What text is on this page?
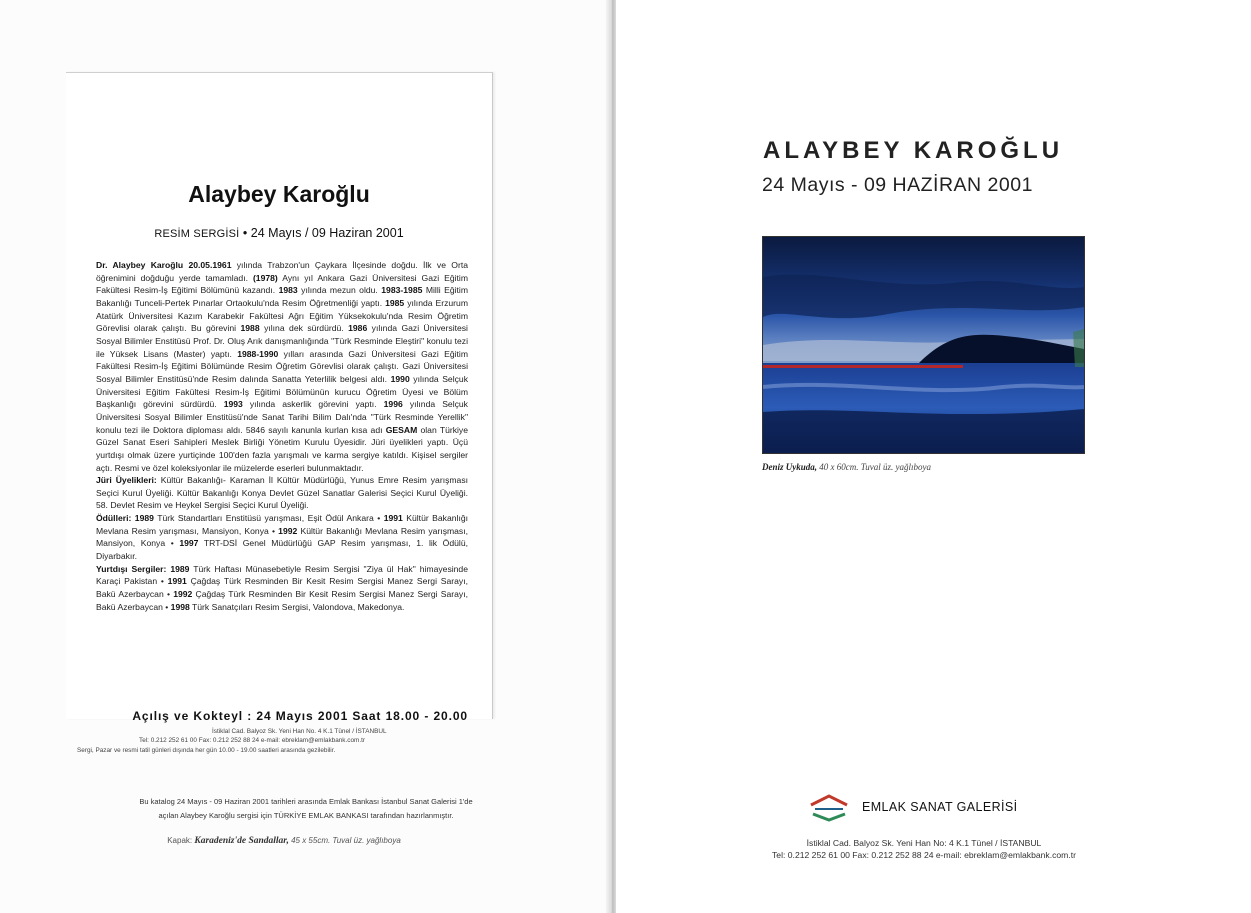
Alaybey Karoğlu

RESİM SERGİSİ • 24 Mayıs / 09 Haziran 2001

Dr. Alaybey Karoğlu 20.05.1961 yılında Trabzon'un Çaykara İlçesinde doğdu. İlk ve Orta öğrenimini doğduğu yerde tamamladı. (1978) Aynı yıl Ankara Gazi Üniversitesi Gazi Eğitim Fakültesi Resim-İş Eğitimi Bölümünü kazandı. 1983 yılında mezun oldu. 1983-1985 Milli Eğitim Bakanlığı Tunceli-Pertek Pınarlar Ortaokulu'nda Resim Öğretmenliği yaptı. 1985 yılında Erzurum Atatürk Üniversitesi Kazım Karabekir Fakültesi Ağrı Eğitim Yüksekokulu'nda Resim Öğretim Görevlisi olarak çalıştı. Bu görevini 1988 yılına dek sürdürdü. 1986 yılında Gazi Üniversitesi Sosyal Bilimler Enstitüsü Prof. Dr. Oluş Arık danışmanlığında "Türk Resminde Eleştiri" konulu tezi ile Yüksek Lisans (Master) yaptı. 1988-1990 yılları arasında Gazi Üniversitesi Gazi Eğitim Fakültesi Resim-İş Eğitimi Bölümünde Resim Öğretim Görevlisi olarak çalıştı. Gazi Üniversitesi Sosyal Bilimler Enstitüsü'nde Resim dalında Sanatta Yeterlilik belgesi aldı. 1990 yılında Selçuk Üniversitesi Eğitim Fakültesi Resim-İş Eğitimi Bölümünün kurucu Öğretim Üyesi ve Bölüm Başkanlığı görevini sürdürdü. 1993 yılında askerlik görevini yaptı. 1996 yılında Selçuk Üniversitesi Sosyal Bilimler Enstitüsü'nde Sanat Tarihi Bilim Dalı'nda "Türk Resminde Yerellik" konulu tezi ile Doktora diploması aldı. 5846 sayılı kanunla kurlan kısa adı GESAM olan Türkiye Güzel Sanat Eseri Sahipleri Meslek Birliği Yönetim Kurulu Üyesidir. Jüri üyelikleri yaptı. Üçü yurtdışı olmak üzere yurtiçinde 100'den fazla yarışmalı ve karma sergiye katıldı. Kişisel sergiler açtı. Resmi ve özel koleksiyonlar ile müzelerde eserleri bulunmaktadır.
Jüri Üyelikleri: Kültür Bakanlığı- Karaman İl Kültür Müdürlüğü, Yunus Emre Resim yarışması Seçici Kurul Üyeliği. Kültür Bakanlığı Konya Devlet Güzel Sanatlar Galerisi Seçici Kurul Üyeliği. 58. Devlet Resim ve Heykel Sergisi Seçici Kurul Üyeliği.
Ödülleri: 1989 Türk Standartları Enstitüsü yarışması, Eşit Ödül Ankara • 1991 Kültür Bakanlığı Mevlana Resim yarışması, Mansiyon, Konya • 1992 Kültür Bakanlığı Mevlana Resim yarışması, Mansiyon, Konya • 1997 TRT-DSİ Genel Müdürlüğü GAP Resim yarışması, 1. lik Ödülü, Diyarbakır.
Yurtdışı Sergiler: 1989 Türk Haftası Münasebetiyle Resim Sergisi "Ziya ül Hak" himayesinde Karaçi Pakistan • 1991 Çağdaş Türk Resminden Bir Kesit Resim Sergisi Manez Sergi Sarayı, Bakü Azerbaycan • 1992 Çağdaş Türk Resminden Bir Kesit Resim Sergisi Manez Sergi Sarayı, Bakü Azerbaycan • 1998 Türk Sanatçıları Resim Sergisi, Valondova, Makedonya.

Açılış ve Kokteyl : 24 Mayıs 2001 Saat 18.00 - 20.00

İstiklal Cad. Balyoz Sk. Yeni Han No. 4 K.1 Tünel / İSTANBUL

Tel: 0.212 252 61 00 Fax: 0.212 252 88 24 e-mail: ebreklam@emlakbank.com.tr

Sergi, Pazar ve resmi tatil günleri dışında her gün 10.00 - 19.00 saatleri arasında gezilebilir.

Bu katalog 24 Mayıs - 09 Haziran 2001 tarihleri arasında Emlak Bankası İstanbul Sanat Galerisi 1'de

açılan Alaybey Karoğlu sergisi için TÜRKİYE EMLAK BANKASI tarafından hazırlanmıştır.

Kapak: Karadeniz'de Sandallar, 45 x 55cm. Tuval üz. yağlıboya

ALAYBEY KAROĞLU

24 Mayıs - 09 HAZİRAN 2001

Deniz Uykuda, 40 x 60cm. Tuval üz. yağlıboya

EMLAK SANAT GALERİSİ

İstiklal Cad. Balyoz Sk. Yeni Han No: 4 K.1 Tünel / İSTANBUL
Tel: 0.212 252 61 00 Fax: 0.212 252 88 24 e-mail: ebreklam@emlakbank.com.tr
